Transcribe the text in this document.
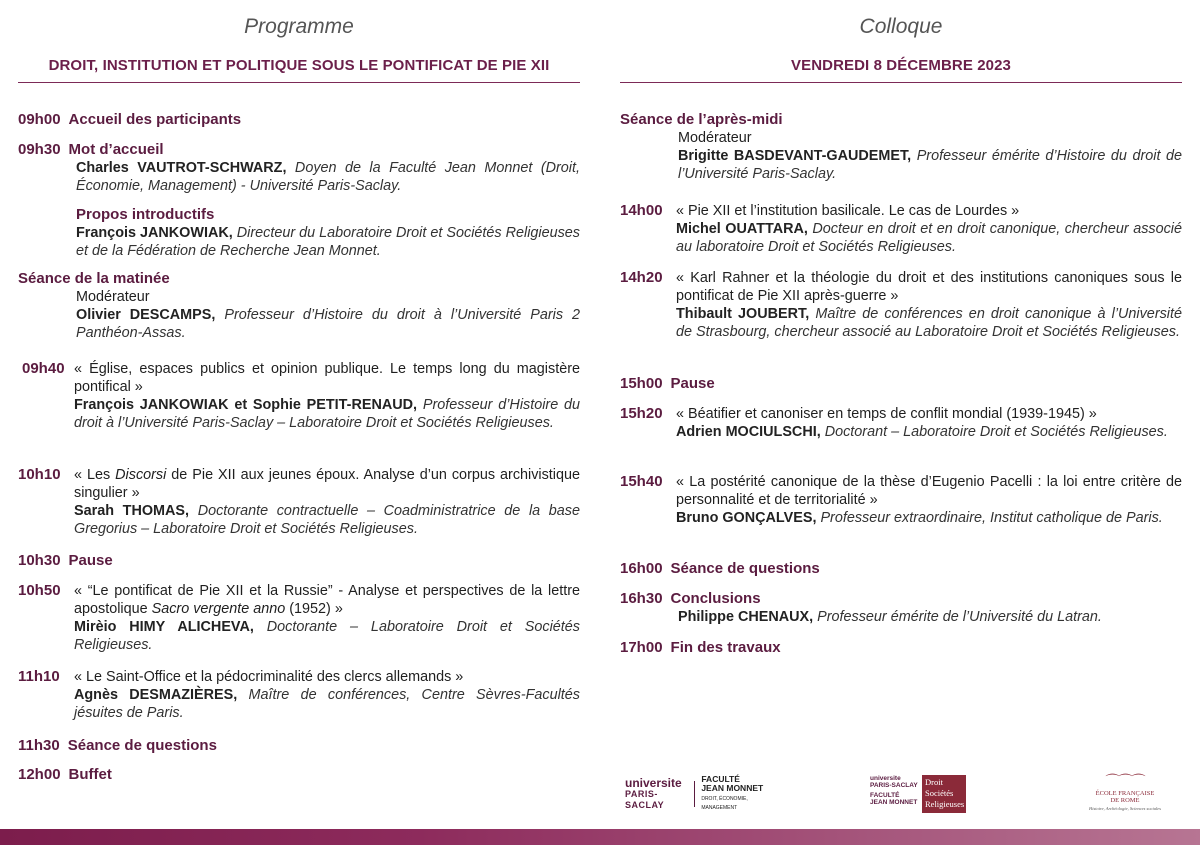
Programme
DROIT, INSTITUTION ET POLITIQUE SOUS LE PONTIFICAT DE PIE XII
09h00 Accueil des participants
09h30 Mot d’accueil
Charles VAUTROT-SCHWARZ, Doyen de la Faculté Jean Monnet (Droit, Économie, Management) - Université Paris-Saclay.
Propos introductifs
François JANKOWIAK, Directeur du Laboratoire Droit et Sociétés Religieuses et de la Fédération de Recherche Jean Monnet.
Séance de la matinée
Modérateur
Olivier DESCAMPS, Professeur d’Histoire du droit à l’Université Paris 2 Panthéon-Assas.
09h40 « Église, espaces publics et opinion publique. Le temps long du magistère pontifical »
François JANKOWIAK et Sophie PETIT-RENAUD, Professeur d’Histoire du droit à l’Université Paris-Saclay – Laboratoire Droit et Sociétés Religieuses.
10h10 « Les Discorsi de Pie XII aux jeunes époux. Analyse d’un corpus archivistique singulier »
Sarah THOMAS, Doctorante contractuelle – Coadministratrice de la base Gregorius – Laboratoire Droit et Sociétés Religieuses.
10h30 Pause
10h50 « “Le pontificat de Pie XII et la Russie” - Analyse et perspectives de la lettre apostolique Sacro vergente anno (1952) »
Mirèio HIMY ALICHEVA, Doctorante – Laboratoire Droit et Sociétés Religieuses.
11h10 « Le Saint-Office et la pédocriminalité des clercs allemands »
Agnès DESMAZIÈRES, Maître de conférences, Centre Sèvres-Facultés jésuites de Paris.
11h30 Séance de questions
12h00 Buffet
Colloque
VENDREDI 8 DÉCEMBRE 2023
Séance de l’après-midi
Modérateur
Brigitte BASDEVANT-GAUDEMET, Professeur émérite d’Histoire du droit de l’Université Paris-Saclay.
14h00 « Pie XII et l’institution basilicale. Le cas de Lourdes »
Michel OUATTARA, Docteur en droit et en droit canonique, chercheur associé au laboratoire Droit et Sociétés Religieuses.
14h20 « Karl Rahner et la théologie du droit et des institutions canoniques sous le pontificat de Pie XII après-guerre »
Thibault JOUBERT, Maître de conférences en droit canonique à l’Université de Strasbourg, chercheur associé au Laboratoire Droit et Sociétés Religieuses.
15h00 Pause
15h20 « Béatifier et canoniser en temps de conflit mondial (1939-1945) »
Adrien MOCIULSCHI, Doctorant – Laboratoire Droit et Sociétés Religieuses.
15h40 « La postérité canonique de la thèse d’Eugenio Pacelli : la loi entre critère de personnalité et de territorialité »
Bruno GONÇALVES, Professeur extraordinaire, Institut catholique de Paris.
16h00 Séance de questions
16h30 Conclusions
Philippe CHENAUX, Professeur émérite de l’Université du Latran.
17h00 Fin des travaux
universite
PARIS-SACLAY
FACULTÉ
JEAN MONNET
DROIT, ÉCONOMIE, MANAGEMENT
universite
PARIS-SACLAY
FACULTÉ
JEAN MONNET
Droit
Sociétés
Religieuses
⌒⌒⌒
ÉCOLE FRANÇAISE
DE ROME
Histoire, Archéologie, Sciences sociales
